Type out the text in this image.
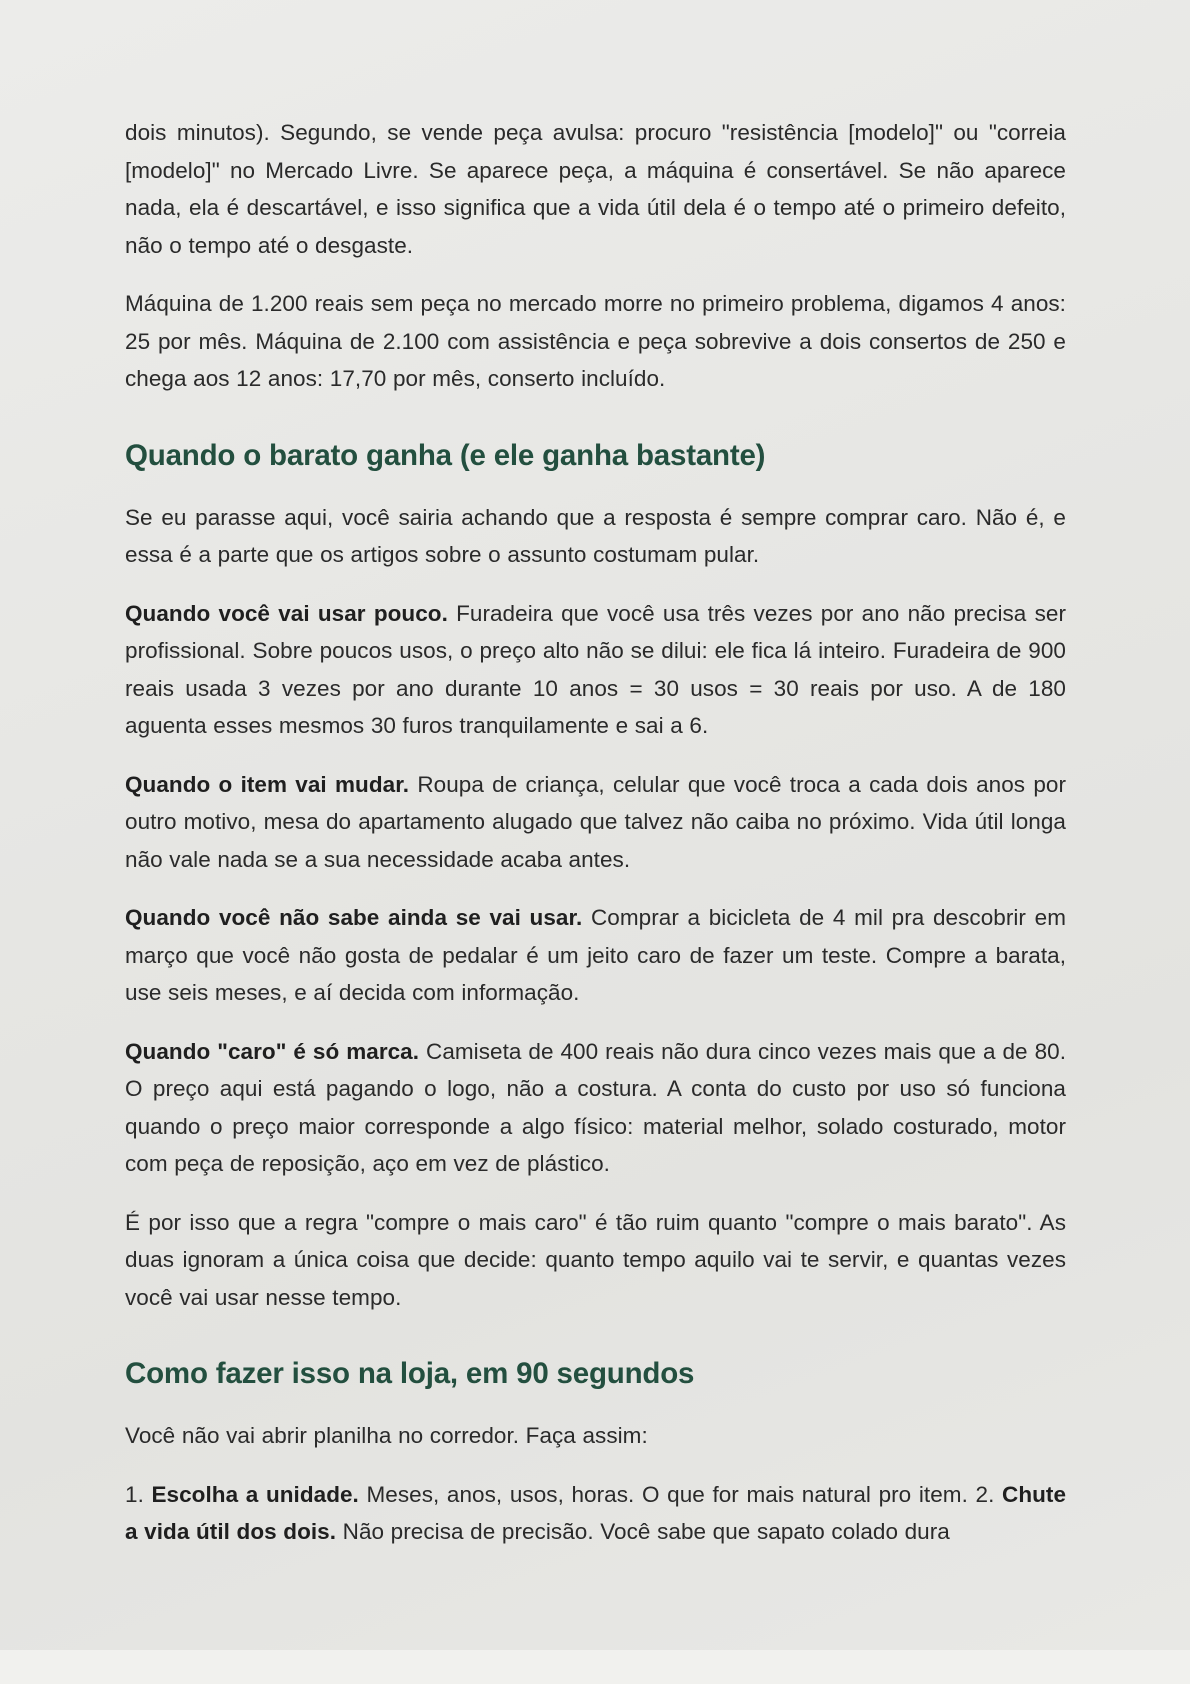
dois minutos). Segundo, se vende peça avulsa: procuro "resistência [modelo]" ou "correia [modelo]" no Mercado Livre. Se aparece peça, a máquina é consertável. Se não aparece nada, ela é descartável, e isso significa que a vida útil dela é o tempo até o primeiro defeito, não o tempo até o desgaste.

Máquina de 1.200 reais sem peça no mercado morre no primeiro problema, digamos 4 anos: 25 por mês. Máquina de 2.100 com assistência e peça sobrevive a dois consertos de 250 e chega aos 12 anos: 17,70 por mês, conserto incluído.

Quando o barato ganha (e ele ganha bastante)

Se eu parasse aqui, você sairia achando que a resposta é sempre comprar caro. Não é, e essa é a parte que os artigos sobre o assunto costumam pular.

Quando você vai usar pouco. Furadeira que você usa três vezes por ano não precisa ser profissional. Sobre poucos usos, o preço alto não se dilui: ele fica lá inteiro. Furadeira de 900 reais usada 3 vezes por ano durante 10 anos = 30 usos = 30 reais por uso. A de 180 aguenta esses mesmos 30 furos tranquilamente e sai a 6.

Quando o item vai mudar. Roupa de criança, celular que você troca a cada dois anos por outro motivo, mesa do apartamento alugado que talvez não caiba no próximo. Vida útil longa não vale nada se a sua necessidade acaba antes.

Quando você não sabe ainda se vai usar. Comprar a bicicleta de 4 mil pra descobrir em março que você não gosta de pedalar é um jeito caro de fazer um teste. Compre a barata, use seis meses, e aí decida com informação.

Quando "caro" é só marca. Camiseta de 400 reais não dura cinco vezes mais que a de 80. O preço aqui está pagando o logo, não a costura. A conta do custo por uso só funciona quando o preço maior corresponde a algo físico: material melhor, solado costurado, motor com peça de reposição, aço em vez de plástico.

É por isso que a regra "compre o mais caro" é tão ruim quanto "compre o mais barato". As duas ignoram a única coisa que decide: quanto tempo aquilo vai te servir, e quantas vezes você vai usar nesse tempo.

Como fazer isso na loja, em 90 segundos

Você não vai abrir planilha no corredor. Faça assim:

1. Escolha a unidade. Meses, anos, usos, horas. O que for mais natural pro item. 2. Chute a vida útil dos dois. Não precisa de precisão. Você sabe que sapato colado dura
